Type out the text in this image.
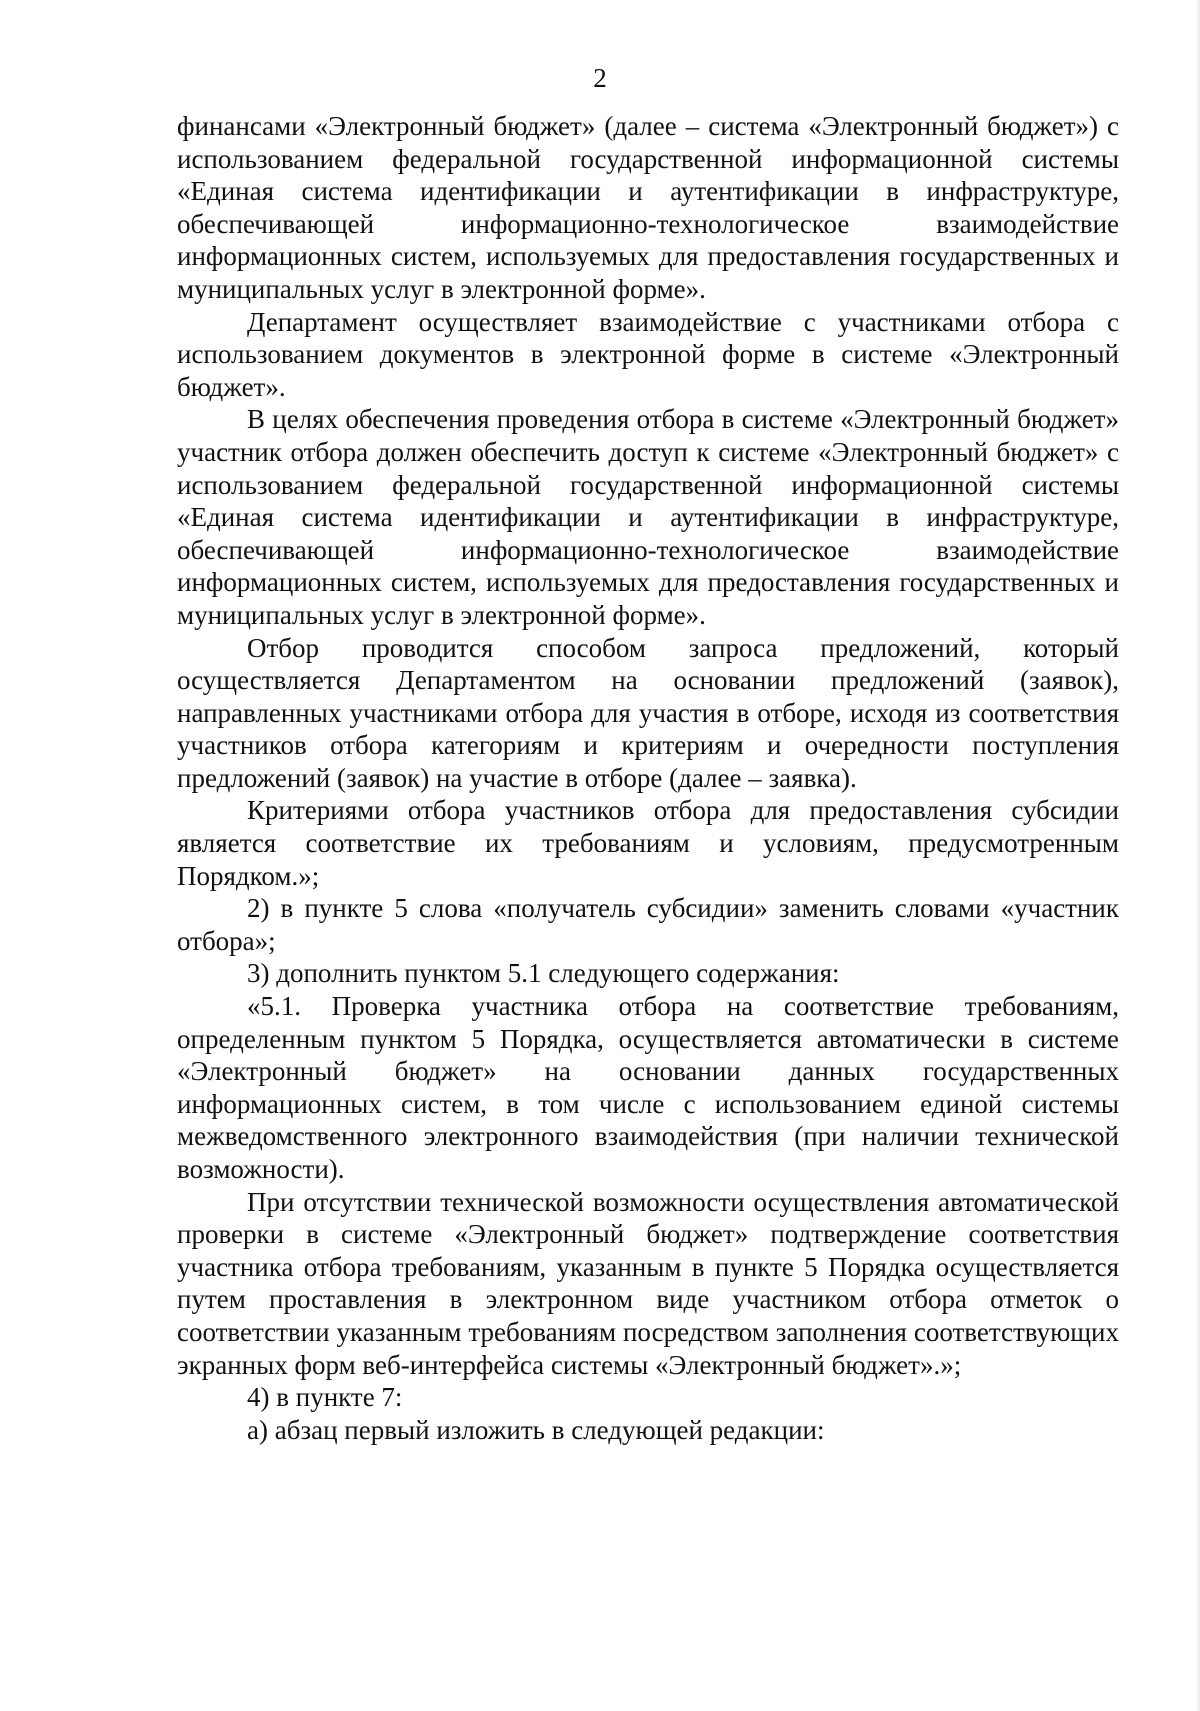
2

финансами «Электронный бюджет» (далее – система «Электронный бюджет») с использованием федеральной государственной информационной системы «Единая система идентификации и аутентификации в инфраструктуре, обеспечивающей информационно-технологическое взаимодействие информационных систем, используемых для предоставления государственных и муниципальных услуг в электронной форме».

Департамент осуществляет взаимодействие с участниками отбора с использованием документов в электронной форме в системе «Электронный бюджет».

В целях обеспечения проведения отбора в системе «Электронный бюджет» участник отбора должен обеспечить доступ к системе «Электронный бюджет» с использованием федеральной государственной информационной системы «Единая система идентификации и аутентификации в инфраструктуре, обеспечивающей информационно-технологическое взаимодействие информационных систем, используемых для предоставления государственных и муниципальных услуг в электронной форме».

Отбор проводится способом запроса предложений, который осуществляется Департаментом на основании предложений (заявок), направленных участниками отбора для участия в отборе, исходя из соответствия участников отбора категориям и критериям и очередности поступления предложений (заявок) на участие в отборе (далее – заявка).

Критериями отбора участников отбора для предоставления субсидии является соответствие их требованиям и условиям, предусмотренным Порядком.»;

2) в пункте 5 слова «получатель субсидии» заменить словами «участник отбора»;

3) дополнить пунктом 5.1 следующего содержания:

«5.1. Проверка участника отбора на соответствие требованиям, определенным пунктом 5 Порядка, осуществляется автоматически в системе «Электронный бюджет» на основании данных государственных информационных систем, в том числе с использованием единой системы межведомственного электронного взаимодействия (при наличии технической возможности).

При отсутствии технической возможности осуществления автоматической проверки в системе «Электронный бюджет» подтверждение соответствия участника отбора требованиям, указанным в пункте 5 Порядка осуществляется путем проставления в электронном виде участником отбора отметок о соответствии указанным требованиям посредством заполнения соответствующих экранных форм веб-интерфейса системы «Электронный бюджет».»;

4) в пункте 7:

а) абзац первый изложить в следующей редакции:
